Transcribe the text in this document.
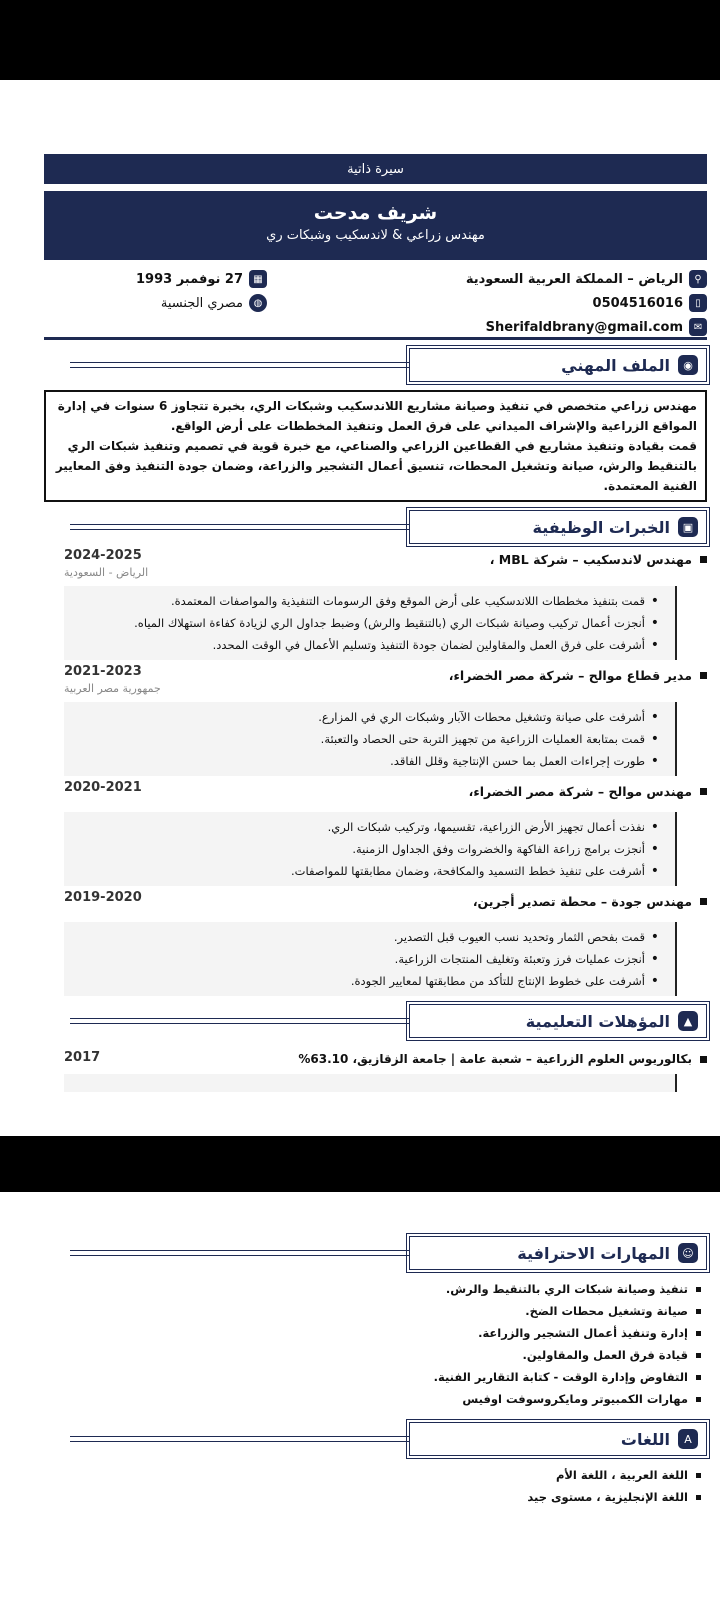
سيرة ذاتية
شريف مدحت
مهندس زراعي & لاندسكيب وشبكات ري
⚲
الرياض – المملكة العربية السعودية
▯
0504516016
✉
Sherifaldbrany@gmail.com
▦
27 نوفمبر 1993
◍
مصري الجنسية
◉
الملف المهني
مهندس زراعي متخصص في تنفيذ وصيانة مشاريع اللاندسكيب وشبكات الري، بخبرة تتجاوز 6 سنوات في إدارة المواقع الزراعية والإشراف الميداني على فرق العمل وتنفيذ المخططات على أرض الواقع.
قمت بقيادة وتنفيذ مشاريع في القطاعين الزراعي والصناعي، مع خبرة قوية في تصميم وتنفيذ شبكات الري بالتنقيط والرش، صيانة وتشغيل المحطات، تنسيق أعمال التشجير والزراعة، وضمان جودة التنفيذ وفق المعايير الفنية المعتمدة.
▣
الخبرات الوظيفية
مهندس لاندسكيب – شركة MBL ،
2024-2025
الرياض - السعودية
• قمت بتنفيذ مخططات اللاندسكيب على أرض الموقع وفق الرسومات التنفيذية والمواصفات المعتمدة.
• أنجزت أعمال تركيب وصيانة شبكات الري (بالتنقيط والرش) وضبط جداول الري لزيادة كفاءة استهلاك المياه.
• أشرفت على فرق العمل والمقاولين لضمان جودة التنفيذ وتسليم الأعمال في الوقت المحدد.
مدير قطاع موالح – شركة مصر الخضراء،
2021-2023
جمهورية مصر العربية
• أشرفت على صيانة وتشغيل محطات الآبار وشبكات الري في المزارع.
• قمت بمتابعة العمليات الزراعية من تجهيز التربة حتى الحصاد والتعبئة.
• طورت إجراءات العمل بما حسن الإنتاجية وقلل الفاقد.
مهندس موالح – شركة مصر الخضراء،
2020-2021
• نفذت أعمال تجهيز الأرض الزراعية، تقسيمها، وتركيب شبكات الري.
• أنجزت برامج زراعة الفاكهة والخضروات وفق الجداول الزمنية.
• أشرفت على تنفيذ خطط التسميد والمكافحة، وضمان مطابقتها للمواصفات.
مهندس جودة – محطة تصدير أجرين،
2019-2020
• قمت بفحص الثمار وتحديد نسب العيوب قبل التصدير.
• أنجزت عمليات فرز وتعبئة وتغليف المنتجات الزراعية.
• أشرفت على خطوط الإنتاج للتأكد من مطابقتها لمعايير الجودة.
▲
المؤهلات التعليمية
بكالوريوس العلوم الزراعية – شعبة عامة | جامعة الزقازيق، 63.10%
2017
☺
المهارات الاحترافية
تنفيذ وصيانة شبكات الري بالتنقيط والرش.
صيانة وتشغيل محطات الضخ.
إدارة وتنفيذ أعمال التشجير والزراعة.
قيادة فرق العمل والمقاولين.
التفاوض وإدارة الوقت - كتابة التقارير الفنية.
مهارات الكمبيوتر ومايكروسوفت اوفيس
A
اللغات
اللغة العربية ، اللغة الأم
اللغة الإنجليزية ، مستوى جيد
